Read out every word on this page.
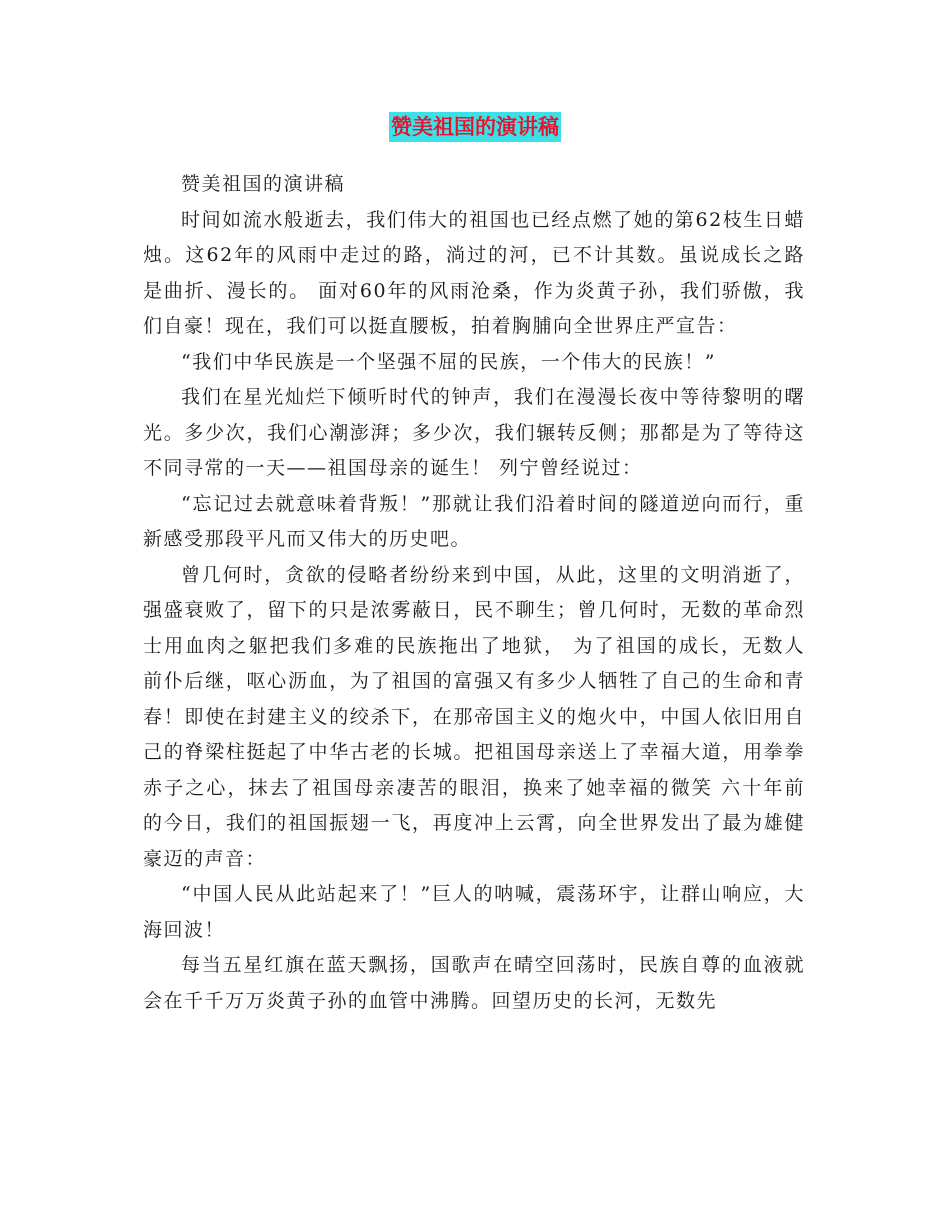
赞美祖国的演讲稿

赞美祖国的演讲稿

时间如流水般逝去，我们伟大的祖国也已经点燃了她的第62枝生日蜡烛。这62年的风雨中走过的路，淌过的河，已不计其数。虽说成长之路是曲折、漫长的。 面对60年的风雨沧桑，作为炎黄子孙，我们骄傲，我们自豪！现在，我们可以挺直腰板，拍着胸脯向全世界庄严宣告：

“我们中华民族是一个坚强不屈的民族，一个伟大的民族！”

我们在星光灿烂下倾听时代的钟声，我们在漫漫长夜中等待黎明的曙光。多少次，我们心潮澎湃；多少次，我们辗转反侧；那都是为了等待这不同寻常的一天——祖国母亲的诞生！ 列宁曾经说过：

“忘记过去就意味着背叛！”那就让我们沿着时间的隧道逆向而行，重新感受那段平凡而又伟大的历史吧。

曾几何时，贪欲的侵略者纷纷来到中国，从此，这里的文明消逝了，强盛衰败了，留下的只是浓雾蔽日，民不聊生；曾几何时，无数的革命烈士用血肉之躯把我们多难的民族拖出了地狱， 为了祖国的成长，无数人前仆后继，呕心沥血，为了祖国的富强又有多少人牺牲了自己的生命和青春！即使在封建主义的绞杀下，在那帝国主义的炮火中，中国人依旧用自己的脊梁柱挺起了中华古老的长城。把祖国母亲送上了幸福大道，用拳拳赤子之心，抹去了祖国母亲凄苦的眼泪，换来了她幸福的微笑 六十年前的今日，我们的祖国振翅一飞，再度冲上云霄，向全世界发出了最为雄健豪迈的声音：

“中国人民从此站起来了！”巨人的呐喊，震荡环宇，让群山响应，大海回波！

每当五星红旗在蓝天飘扬，国歌声在晴空回荡时，民族自尊的血液就会在千千万万炎黄子孙的血管中沸腾。回望历史的长河，无数先
